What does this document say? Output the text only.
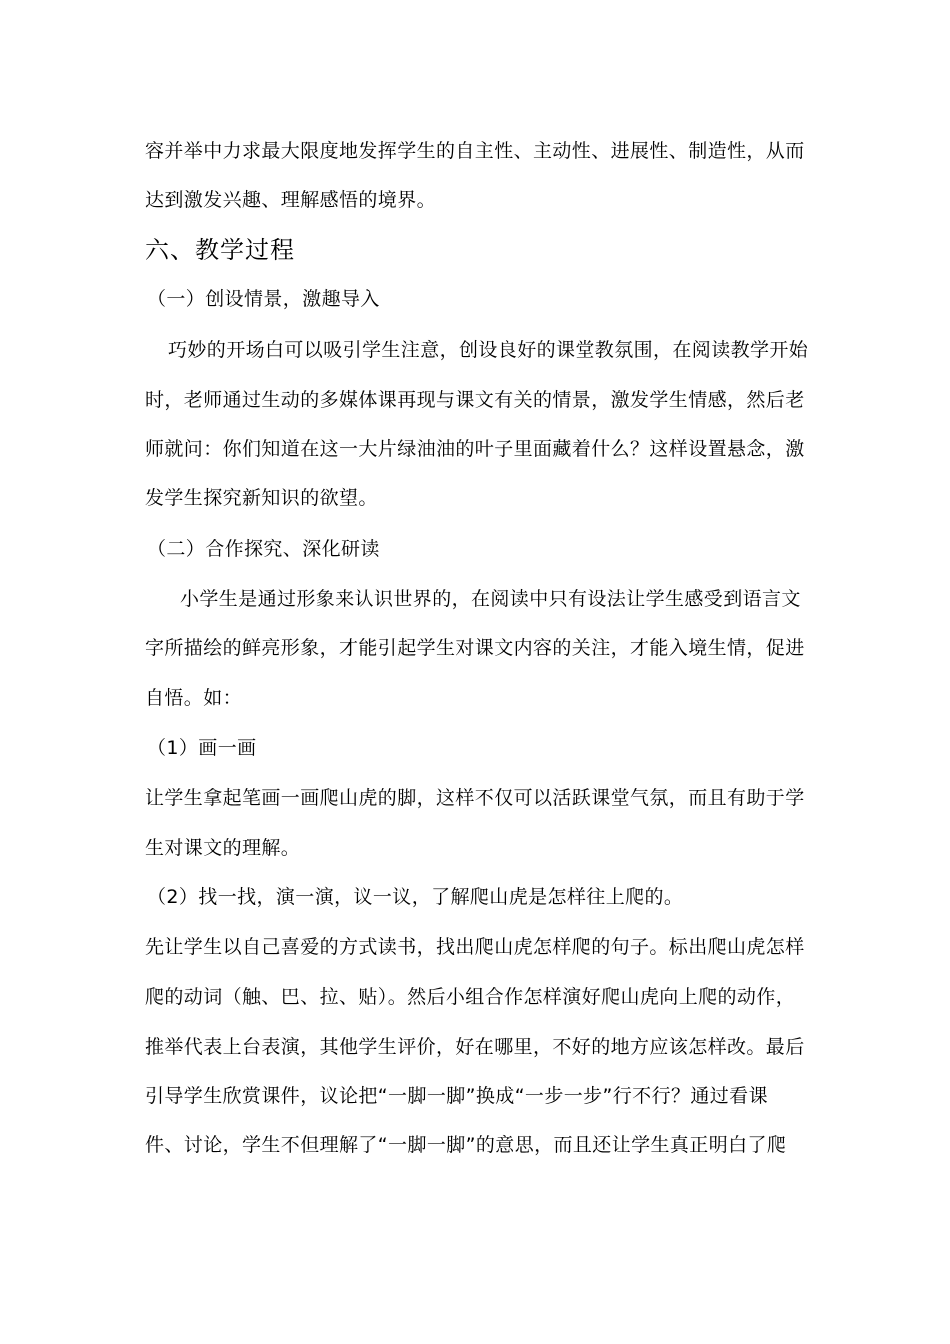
容并举中力求最大限度地发挥学生的自主性、主动性、进展性、制造性，从而
达到激发兴趣、理解感悟的境界。
六、教学过程
（一）创设情景，激趣导入
巧妙的开场白可以吸引学生注意，创设良好的课堂教氛围，在阅读教学开始
时，老师通过生动的多媒体课再现与课文有关的情景，激发学生情感，然后老
师就问：你们知道在这一大片绿油油的叶子里面藏着什么？这样设置悬念，激
发学生探究新知识的欲望。
（二）合作探究、深化研读
小学生是通过形象来认识世界的，在阅读中只有设法让学生感受到语言文
字所描绘的鲜亮形象，才能引起学生对课文内容的关注，才能入境生情，促进
自悟。如：
（1）画一画
让学生拿起笔画一画爬山虎的脚，这样不仅可以活跃课堂气氛，而且有助于学
生对课文的理解。
（2）找一找，演一演，议一议，了解爬山虎是怎样往上爬的。
先让学生以自己喜爱的方式读书，找出爬山虎怎样爬的句子。标出爬山虎怎样
爬的动词（触、巴、拉、贴）。然后小组合作怎样演好爬山虎向上爬的动作，
推举代表上台表演，其他学生评价，好在哪里，不好的地方应该怎样改。最后
引导学生欣赏课件，议论把“一脚一脚”换成“一步一步”行不行？通过看课
件、讨论，学生不但理解了“一脚一脚”的意思，而且还让学生真正明白了爬
